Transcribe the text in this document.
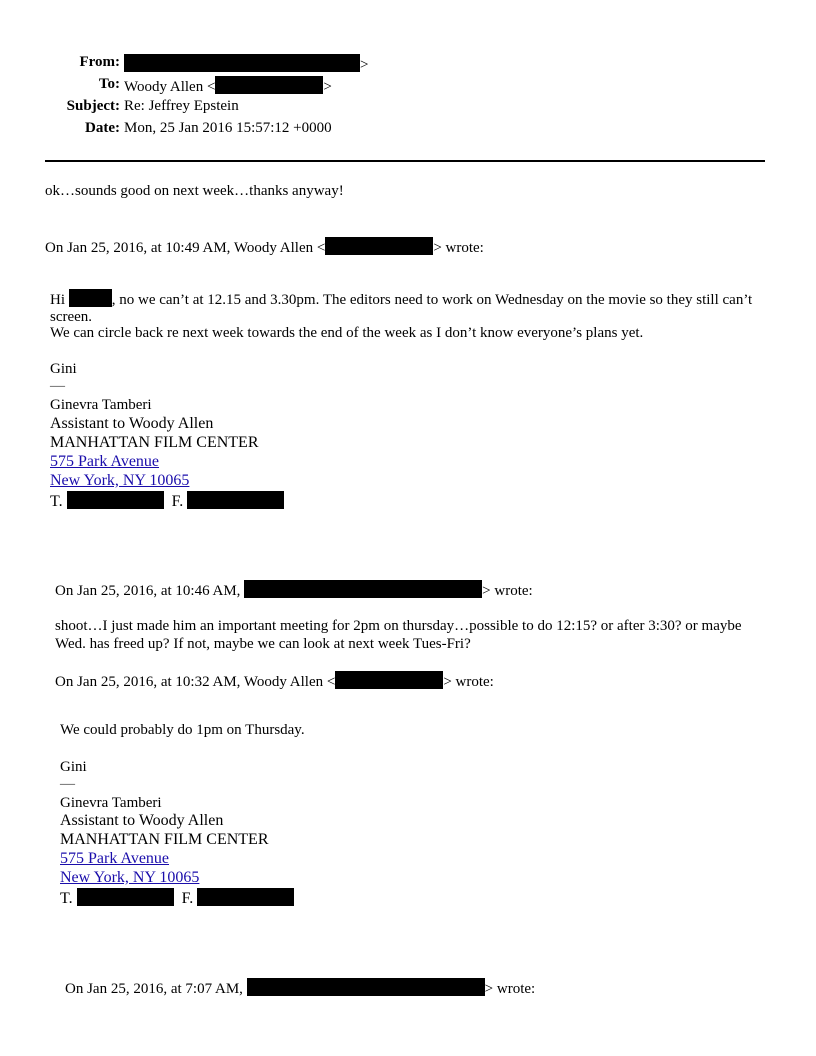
From:	>
To: Woody Allen <	>
Subject: Re: Jeffrey Epstein
Date: Mon, 25 Jan 2016 15:57:12 +0000
ok…sounds good on next week…thanks anyway!
On Jan 25, 2016, at 10:49 AM, Woody Allen <	> wrote:
Hi	, no we can’t at 12.15 and 3.30pm. The editors need to work on Wednesday on the movie so they still can’t screen.
We can circle back re next week towards the end of the week as I don’t know everyone’s plans yet.
Gini
—
Ginevra Tamberi
Assistant to Woody Allen
MANHATTAN FILM CENTER
575 Park Avenue
New York, NY 10065
T.	F.
On Jan 25, 2016, at 10:46 AM,	> wrote:
shoot…I just made him an important meeting for 2pm on thursday…possible to do 12:15? or after 3:30? or maybe Wed. has freed up? If not, maybe we can look at next week Tues-Fri?
On Jan 25, 2016, at 10:32 AM, Woody Allen <	> wrote:
We could probably do 1pm on Thursday.
Gini
—
Ginevra Tamberi
Assistant to Woody Allen
MANHATTAN FILM CENTER
575 Park Avenue
New York, NY 10065
T.	F.
On Jan 25, 2016, at 7:07 AM,	> wrote:
